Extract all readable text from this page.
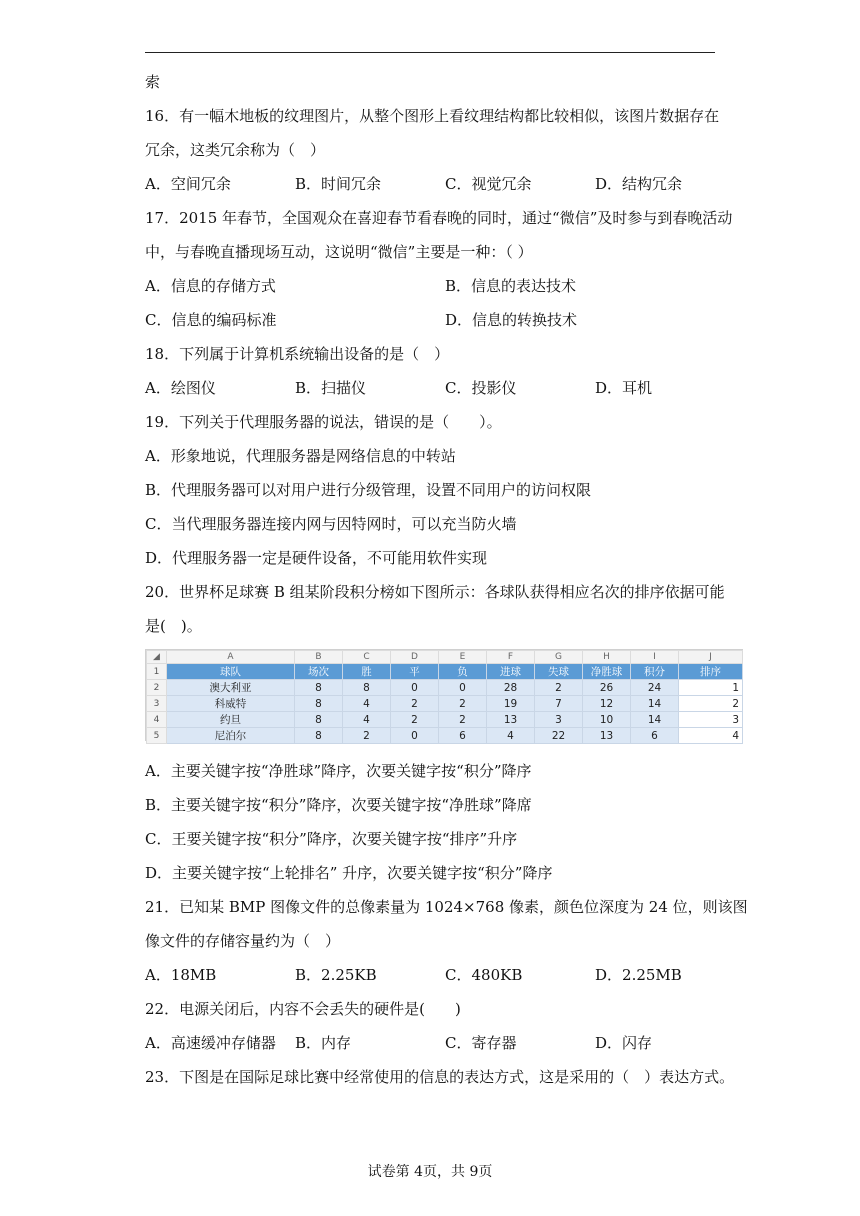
索
16．有一幅木地板的纹理图片，从整个图形上看纹理结构都比较相似，该图片数据存在
冗余，这类冗余称为（　）
A．空间冗余	B．时间冗余	C．视觉冗余	D．结构冗余
17．2015 年春节，全国观众在喜迎春节看春晚的同时，通过“微信”及时参与到春晚活动
中，与春晚直播现场互动，这说明“微信”主要是一种：（ ）
A．信息的存储方式	B．信息的表达技术
C．信息的编码标准	D．信息的转换技术
18．下列属于计算机系统输出设备的是（　）
A．绘图仪	B．扫描仪	C．投影仪	D．耳机
19．下列关于代理服务器的说法，错误的是（　　）。
A．形象地说，代理服务器是网络信息的中转站
B．代理服务器可以对用户进行分级管理，设置不同用户的访问权限
C．当代理服务器连接内网与因特网时，可以充当防火墙
D．代理服务器一定是硬件设备，不可能用软件实现
20．世界杯足球赛 B 组某阶段积分榜如下图所示：各球队获得相应名次的排序依据可能
是(　)。
◢	A	B	C	D	E	F	G	H	I	J
1	球队	场次	胜	平	负	进球	失球	净胜球	积分	排序
2	澳大利亚	8	8	0	0	28	2	26	24	1
3	科威特	8	4	2	2	19	7	12	14	2
4	约旦	8	4	2	2	13	3	10	14	3
5	尼泊尔	8	2	0	6	4	22	13	6	4
A．主要关键字按“净胜球”降序，次要关键字按“积分”降序
B．主要关键字按“积分”降序，次要关键字按“净胜球”降席
C．王要关键字按“积分”降序，次要关键字按“排序”升序
D．主要关键字按“上轮排名” 升序，次要关键字按“积分”降序
21．已知某 BMP 图像文件的总像素量为 1024×768 像素，颜色位深度为 24 位，则该图
像文件的存储容量约为（　）
A．18MB	B．2.25KB	C．480KB	D．2.25MB
22．电源关闭后，内容不会丢失的硬件是(　　)
A．高速缓冲存储器 B．内存	C．寄存器	D．闪存
23．下图是在国际足球比赛中经常使用的信息的表达方式，这是采用的（　）表达方式。
试卷第 4页，共 9页
